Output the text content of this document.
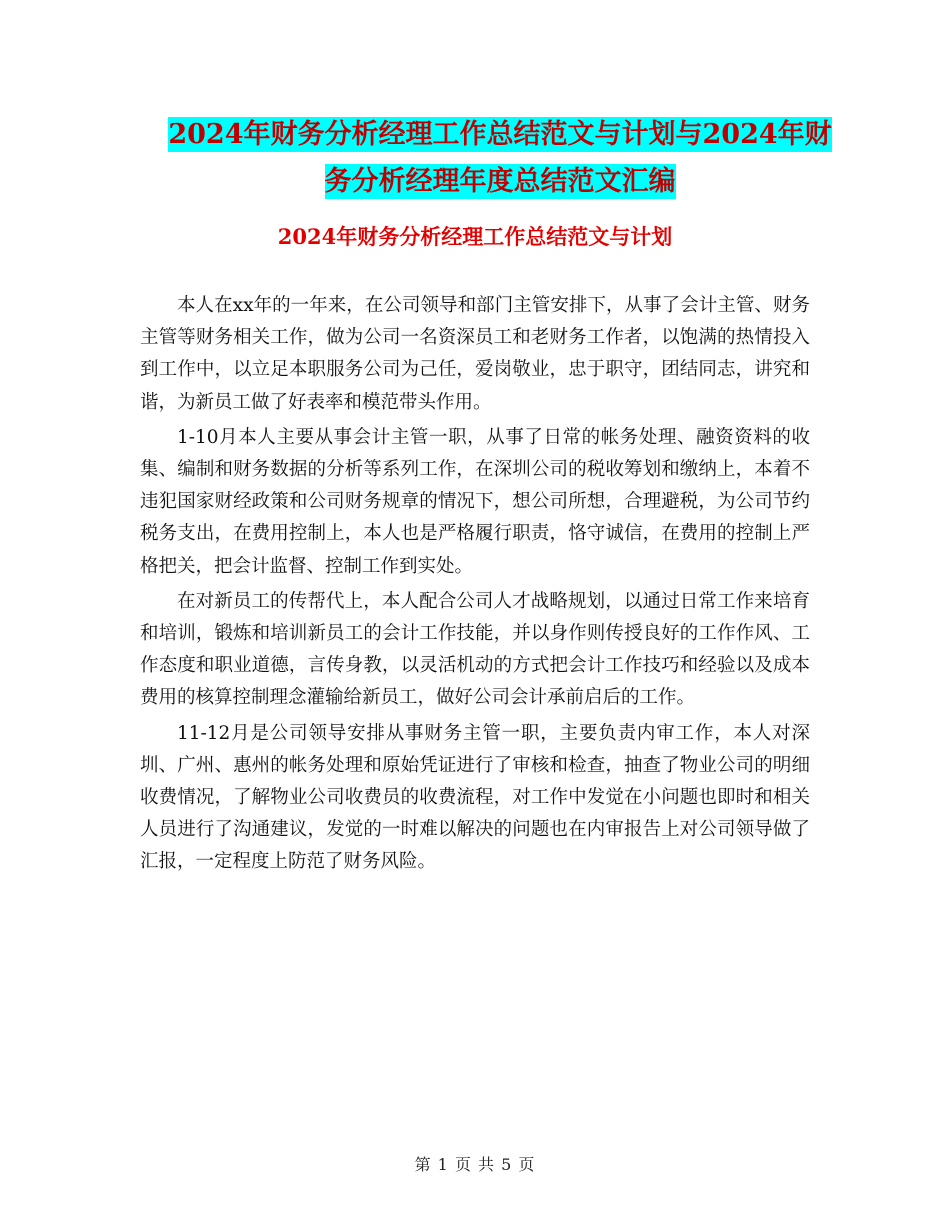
2024年财务分析经理工作总结范文与计划与2024年财
务分析经理年度总结范文汇编
2024年财务分析经理工作总结范文与计划

本人在xx年的一年来，在公司领导和部门主管安排下，从事了会计主管、财务主管等财务相关工作，做为公司一名资深员工和老财务工作者，以饱满的热情投入到工作中，以立足本职服务公司为己任，爱岗敬业，忠于职守，团结同志，讲究和谐，为新员工做了好表率和模范带头作用。

1-10月本人主要从事会计主管一职，从事了日常的帐务处理、融资资料的收集、编制和财务数据的分析等系列工作，在深圳公司的税收筹划和缴纳上，本着不违犯国家财经政策和公司财务规章的情况下，想公司所想，合理避税，为公司节约税务支出，在费用控制上，本人也是严格履行职责，恪守诚信，在费用的控制上严格把关，把会计监督、控制工作到实处。

在对新员工的传帮代上，本人配合公司人才战略规划，以通过日常工作来培育和培训，锻炼和培训新员工的会计工作技能，并以身作则传授良好的工作作风、工作态度和职业道德，言传身教，以灵活机动的方式把会计工作技巧和经验以及成本费用的核算控制理念灌输给新员工，做好公司会计承前启后的工作。

11-12月是公司领导安排从事财务主管一职，主要负责内审工作，本人对深圳、广州、惠州的帐务处理和原始凭证进行了审核和检查，抽查了物业公司的明细收费情况，了解物业公司收费员的收费流程，对工作中发觉在小问题也即时和相关人员进行了沟通建议，发觉的一时难以解决的问题也在内审报告上对公司领导做了汇报，一定程度上防范了财务风险。

第 1 页 共 5 页
